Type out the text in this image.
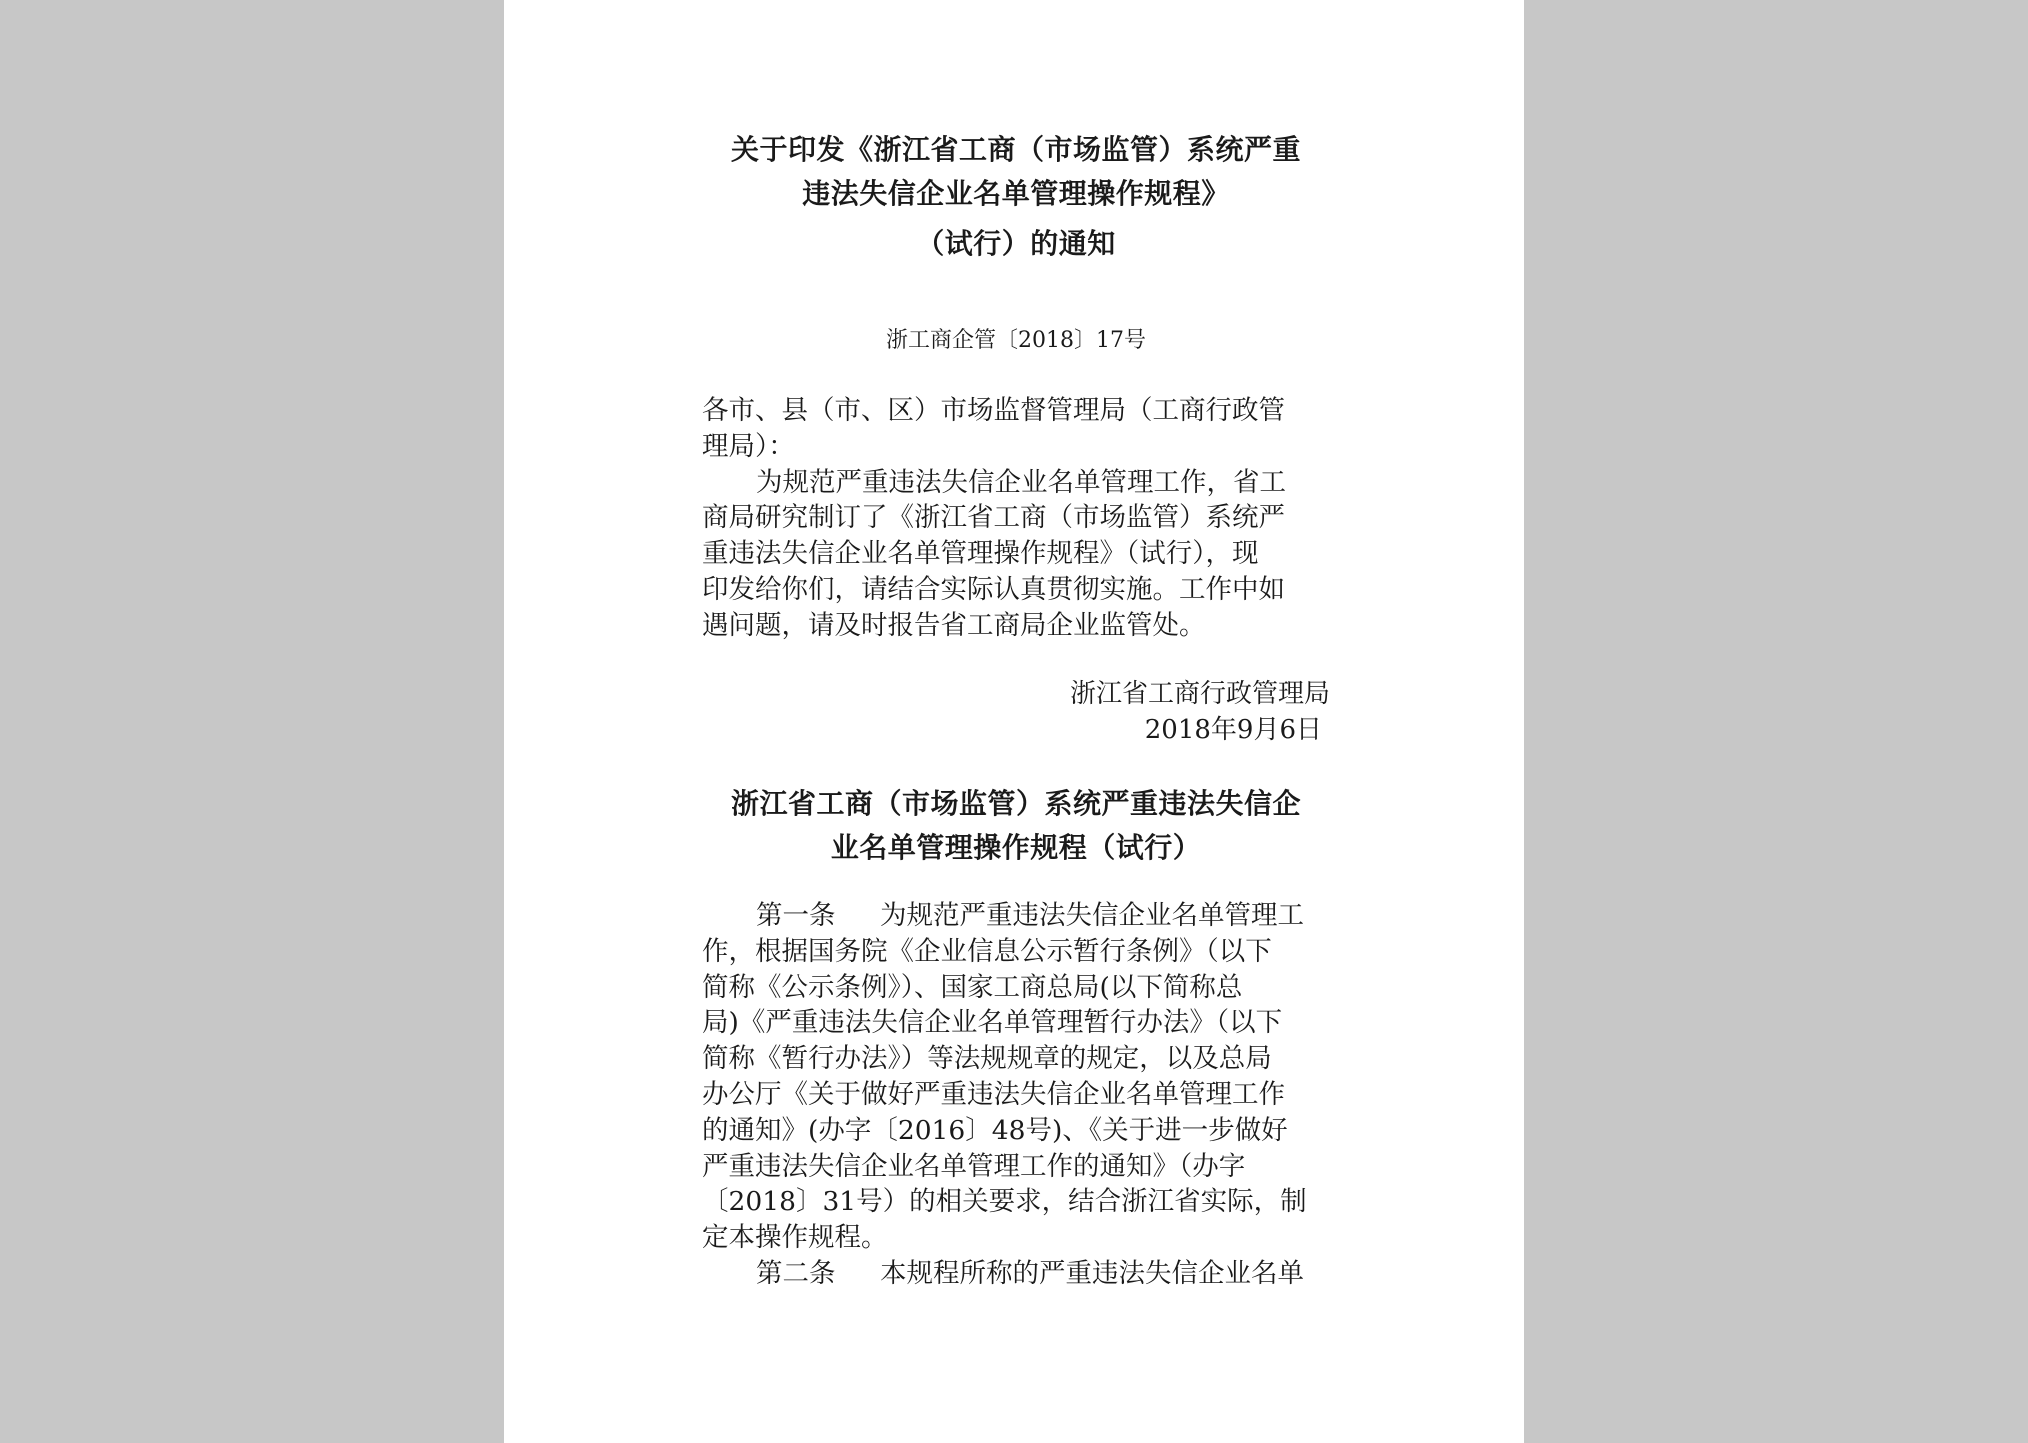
关于印发《浙江省工商（市场监管）系统严重
违法失信企业名单管理操作规程》
（试行）的通知
浙工商企管〔2018〕17号
各市、县（市、区）市场监督管理局（工商行政管
理局）：
为规范严重违法失信企业名单管理工作，省工
商局研究制订了《浙江省工商（市场监管）系统严
重违法失信企业名单管理操作规程》（试行），现
印发给你们，请结合实际认真贯彻实施。工作中如
遇问题，请及时报告省工商局企业监管处。
浙江省工商行政管理局
2018年9月6日
浙江省工商（市场监管）系统严重违法失信企
业名单管理操作规程（试行）
第一条 为规范严重违法失信企业名单管理工
作，根据国务院《企业信息公示暂行条例》（以下
简称《公示条例》）、国家工商总局(以下简称总
局)《严重违法失信企业名单管理暂行办法》（以下
简称《暂行办法》）等法规规章的规定，以及总局
办公厅《关于做好严重违法失信企业名单管理工作
的通知》(办字〔2016〕48号)、《关于进一步做好
严重违法失信企业名单管理工作的通知》（办字
〔2018〕31号）的相关要求，结合浙江省实际，制
定本操作规程。
第二条 本规程所称的严重违法失信企业名单
